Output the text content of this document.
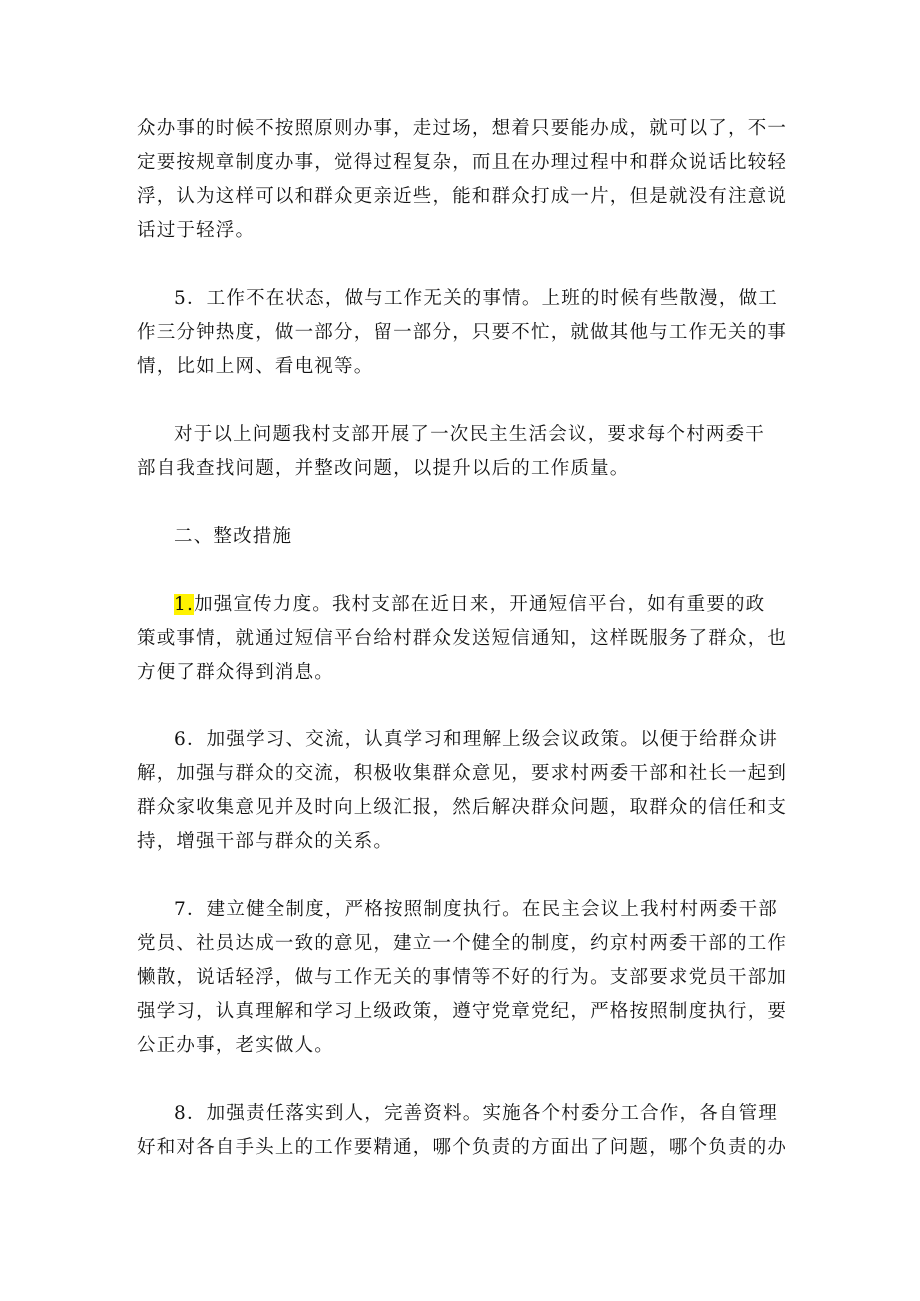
众办事的时候不按照原则办事，走过场，想着只要能办成，就可以了，不一
定要按规章制度办事，觉得过程复杂，而且在办理过程中和群众说话比较轻
浮，认为这样可以和群众更亲近些，能和群众打成一片，但是就没有注意说
话过于轻浮。
5．工作不在状态，做与工作无关的事情。上班的时候有些散漫，做工
作三分钟热度，做一部分，留一部分，只要不忙，就做其他与工作无关的事
情，比如上网、看电视等。
对于以上问题我村支部开展了一次民主生活会议，要求每个村两委干
部自我查找问题，并整改问题，以提升以后的工作质量。
二、整改措施
1.加强宣传力度。我村支部在近日来，开通短信平台，如有重要的政
策或事情，就通过短信平台给村群众发送短信通知，这样既服务了群众，也
方便了群众得到消息。
6．加强学习、交流，认真学习和理解上级会议政策。以便于给群众讲
解，加强与群众的交流，积极收集群众意见，要求村两委干部和社长一起到
群众家收集意见并及时向上级汇报，然后解决群众问题，取群众的信任和支
持，增强干部与群众的关系。
7．建立健全制度，严格按照制度执行。在民主会议上我村村两委干部
党员、社员达成一致的意见，建立一个健全的制度，约京村两委干部的工作
懒散，说话轻浮，做与工作无关的事情等不好的行为。支部要求党员干部加
强学习，认真理解和学习上级政策，遵守党章党纪，严格按照制度执行，要
公正办事，老实做人。
8．加强责任落实到人，完善资料。实施各个村委分工合作，各自管理
好和对各自手头上的工作要精通，哪个负责的方面出了问题，哪个负责的办
